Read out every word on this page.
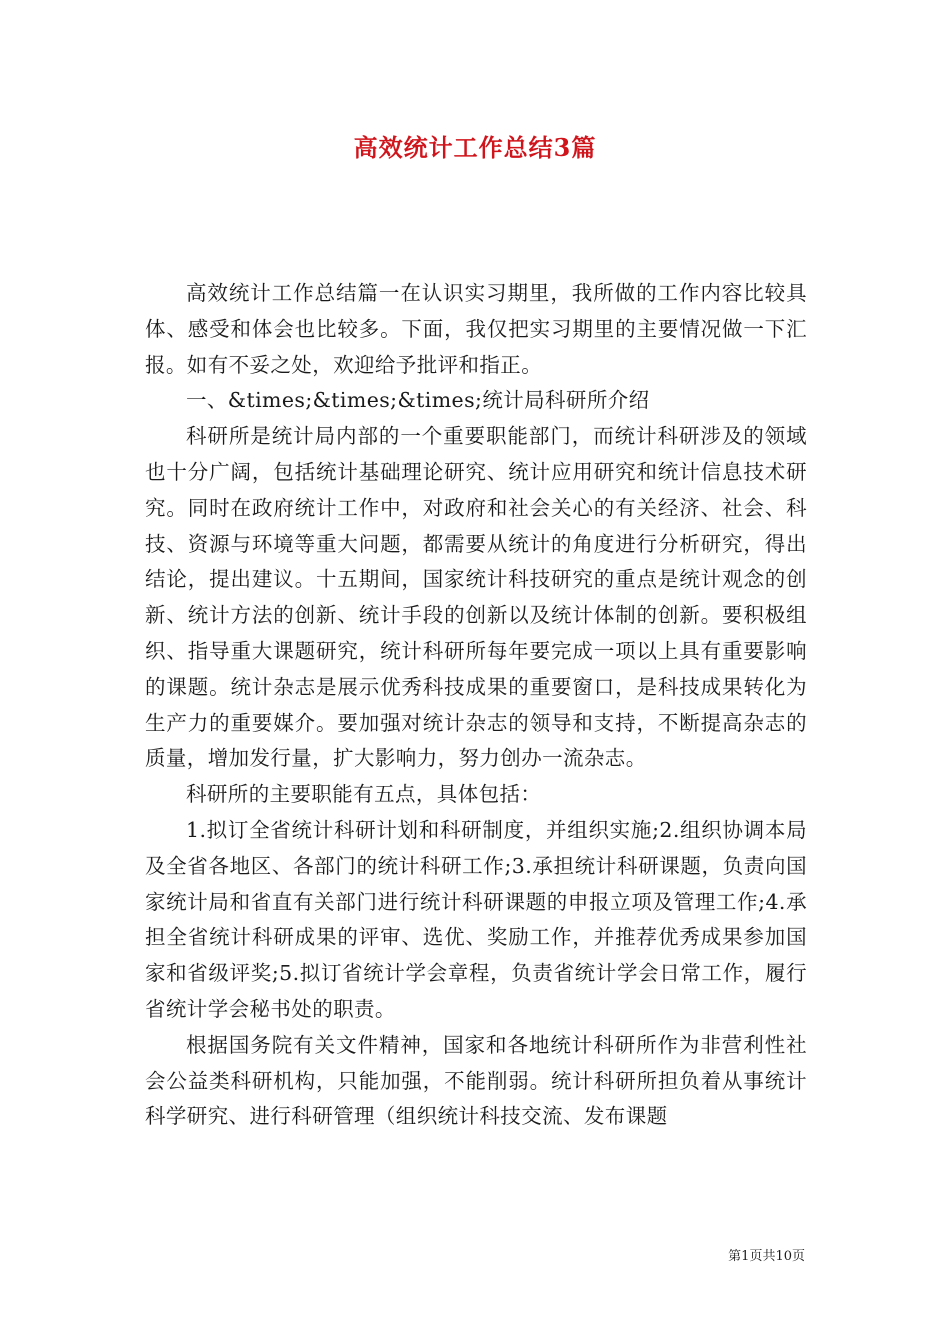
高效统计工作总结3篇

高效统计工作总结篇一在认识实习期里，我所做的工作内容比较具体、感受和体会也比较多。下面，我仅把实习期里的主要情况做一下汇报。如有不妥之处，欢迎给予批评和指正。

一、&times;&times;&times;统计局科研所介绍

科研所是统计局内部的一个重要职能部门，而统计科研涉及的领域也十分广阔，包括统计基础理论研究、统计应用研究和统计信息技术研究。同时在政府统计工作中，对政府和社会关心的有关经济、社会、科技、资源与环境等重大问题，都需要从统计的角度进行分析研究，得出结论，提出建议。十五期间，国家统计科技研究的重点是统计观念的创新、统计方法的创新、统计手段的创新以及统计体制的创新。要积极组织、指导重大课题研究，统计科研所每年要完成一项以上具有重要影响的课题。统计杂志是展示优秀科技成果的重要窗口，是科技成果转化为生产力的重要媒介。要加强对统计杂志的领导和支持，不断提高杂志的质量，增加发行量，扩大影响力，努力创办一流杂志。

科研所的主要职能有五点，具体包括：

1.拟订全省统计科研计划和科研制度，并组织实施;2.组织协调本局及全省各地区、各部门的统计科研工作;3.承担统计科研课题，负责向国家统计局和省直有关部门进行统计科研课题的申报立项及管理工作;4.承担全省统计科研成果的评审、选优、奖励工作，并推荐优秀成果参加国家和省级评奖;5.拟订省统计学会章程，负责省统计学会日常工作，履行省统计学会秘书处的职责。

根据国务院有关文件精神，国家和各地统计科研所作为非营利性社会公益类科研机构，只能加强，不能削弱。统计科研所担负着从事统计科学研究、进行科研管理（组织统计科技交流、发布课题

第1页共10页
